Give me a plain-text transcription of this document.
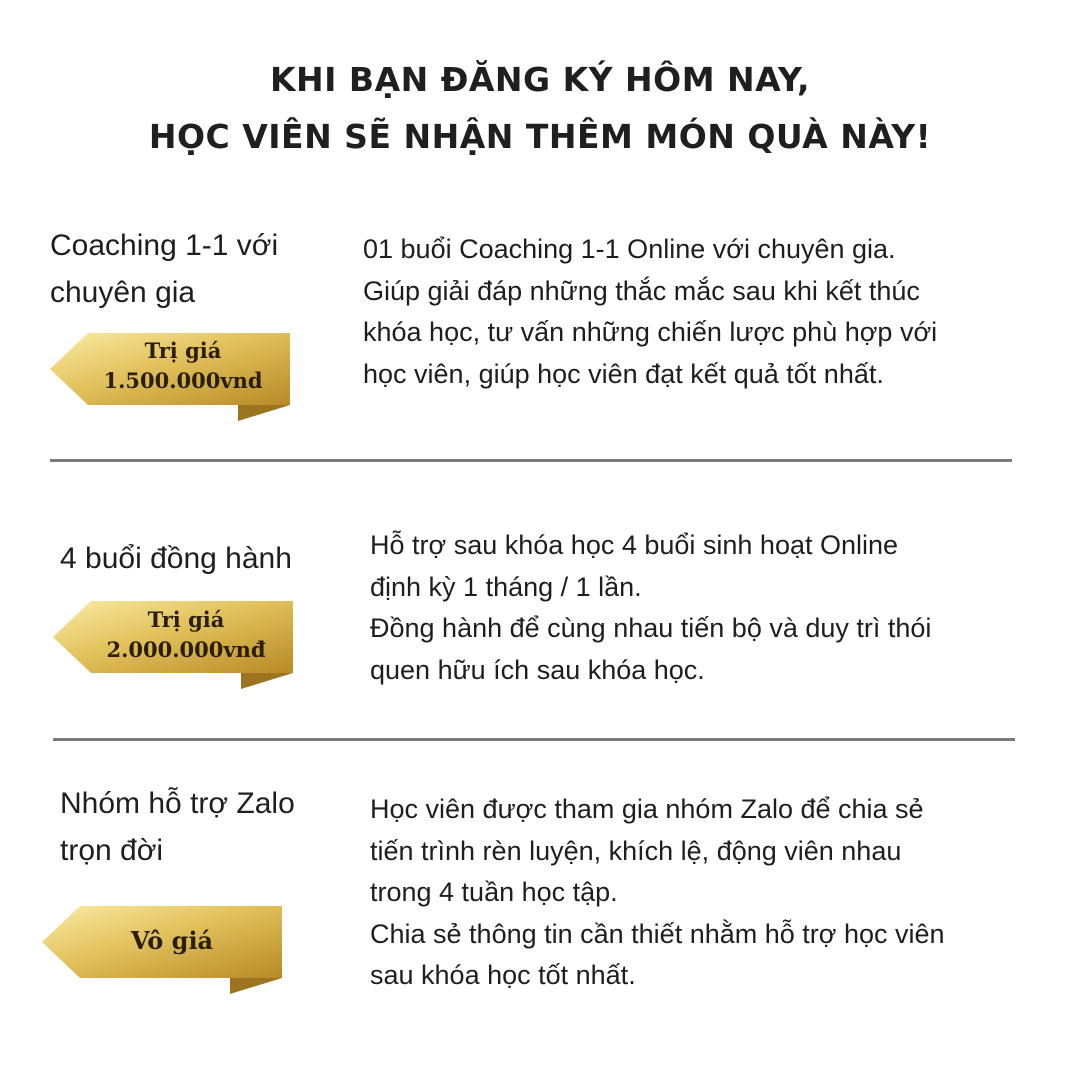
KHI BẠN ĐĂNG KÝ HÔM NAY,
HỌC VIÊN SẼ NHẬN THÊM MÓN QUÀ NÀY!
Coaching 1-1 với
chuyên gia
Trị giá
1.500.000vnd

01 buổi Coaching 1-1 Online với chuyên gia.

Giúp giải đáp những thắc mắc sau khi kết thúc

khóa học, tư vấn những chiến lược phù hợp với

học viên, giúp học viên đạt kết quả tốt nhất.

4 buổi đồng hành
Trị giá
2.000.000vnđ

Hỗ trợ sau khóa học 4 buổi sinh hoạt Online

định kỳ 1 tháng / 1 lần.

Đồng hành để cùng nhau tiến bộ và duy trì thói

quen hữu ích sau khóa học.

Nhóm hỗ trợ Zalo
trọn đời
Vô giá

Học viên được tham gia nhóm Zalo để chia sẻ

tiến trình rèn luyện, khích lệ, động viên nhau

trong 4 tuần học tập.

Chia sẻ thông tin cần thiết nhằm hỗ trợ học viên

sau khóa học tốt nhất.
